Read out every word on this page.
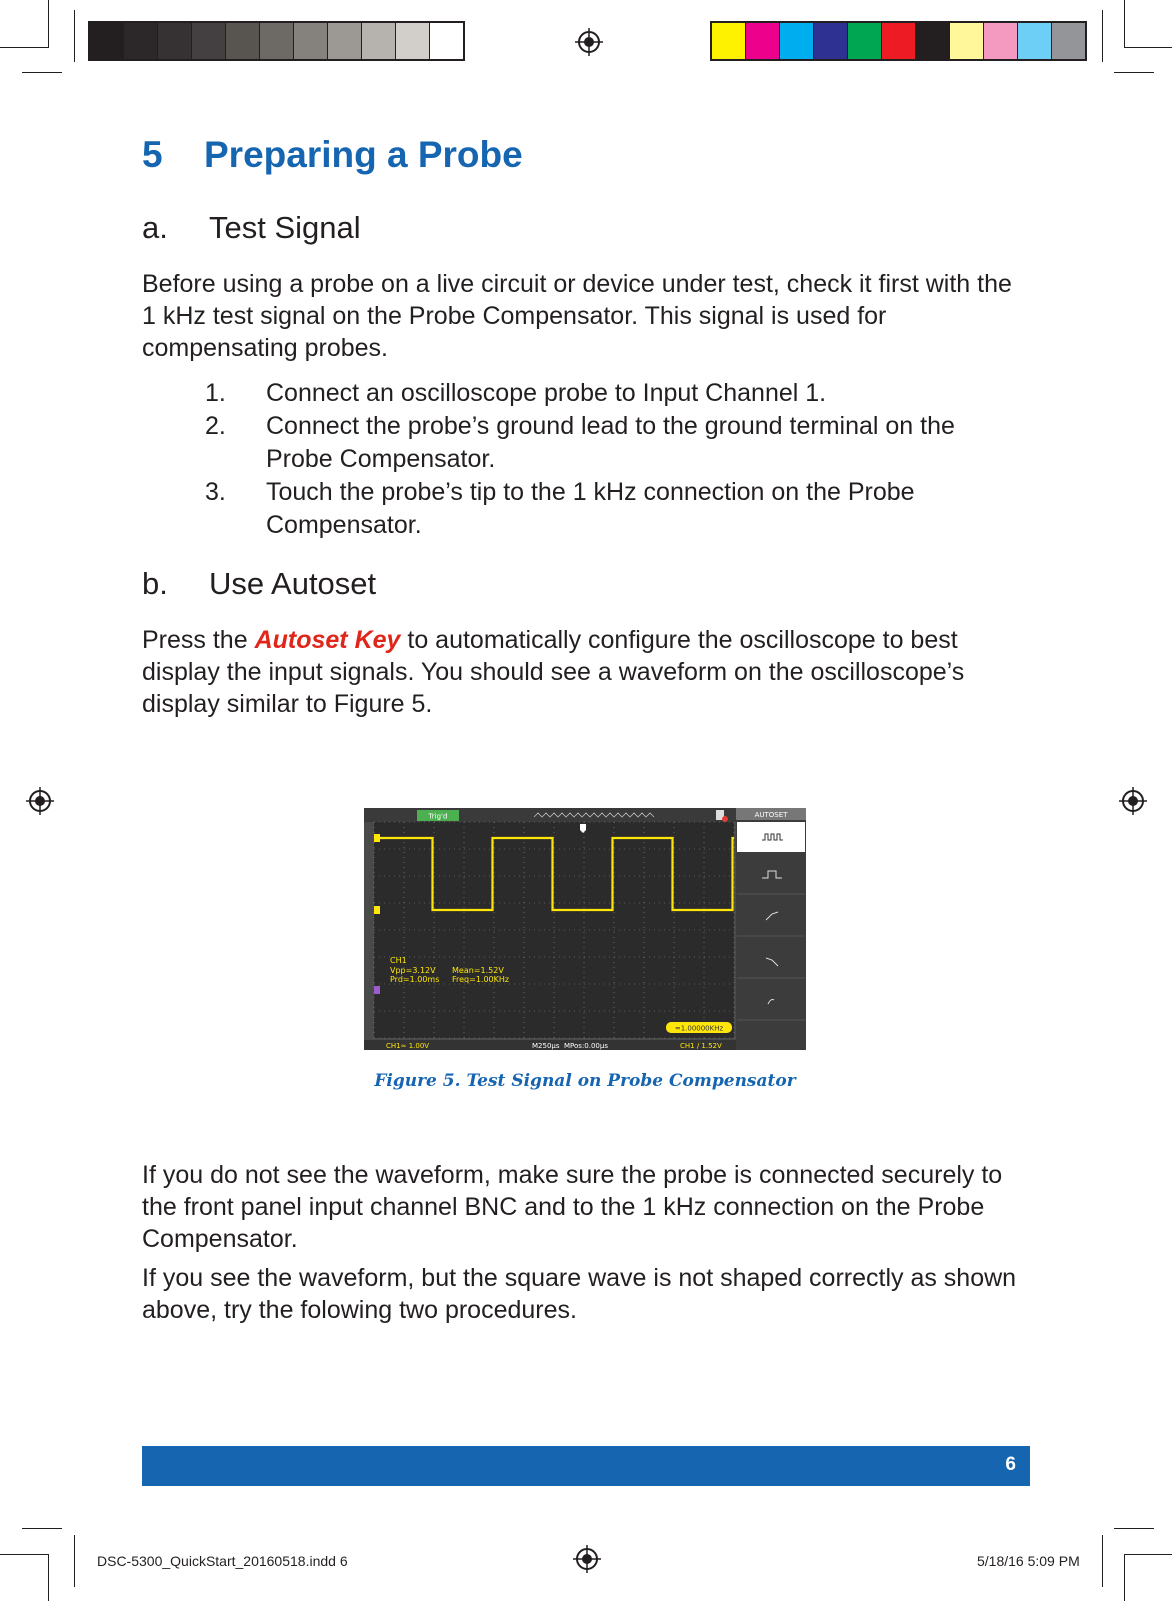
5 Preparing a Probe
a. Test Signal
Before using a probe on a live circuit or device under test, check it first with the 1 kHz test signal on the Probe Compensator. This signal is used for compensating probes.
1.	Connect an oscilloscope probe to Input Channel 1.
2.	Connect the probe’s ground lead to the ground terminal on the Probe Compensator.
3.	Touch the probe’s tip to the 1 kHz connection on the Probe Compensator.
b. Use Autoset
Press the Autoset Key to automatically configure the oscilloscope to best display the input signals. You should see a waveform on the oscilloscope’s display similar to Figure 5.
Trig'd	AUTOSET
CH1
Vpp=3.12V Mean=1.52V
Prd=1.00ms Freq=1.00KHz
=1.00000KHz
CH1≃ 1.00V	M250μs MPos:0.00μs	CH1 / 1.52V
Figure 5. Test Signal on Probe Compensator
If you do not see the waveform, make sure the probe is connected securely to the front panel input channel BNC and to the 1 kHz connection on the Probe Compensator.
If you see the waveform, but the square wave is not shaped correctly as shown above, try the folowing two procedures.
6
DSC-5300_QuickStart_20160518.indd 6	5/18/16 5:09 PM
